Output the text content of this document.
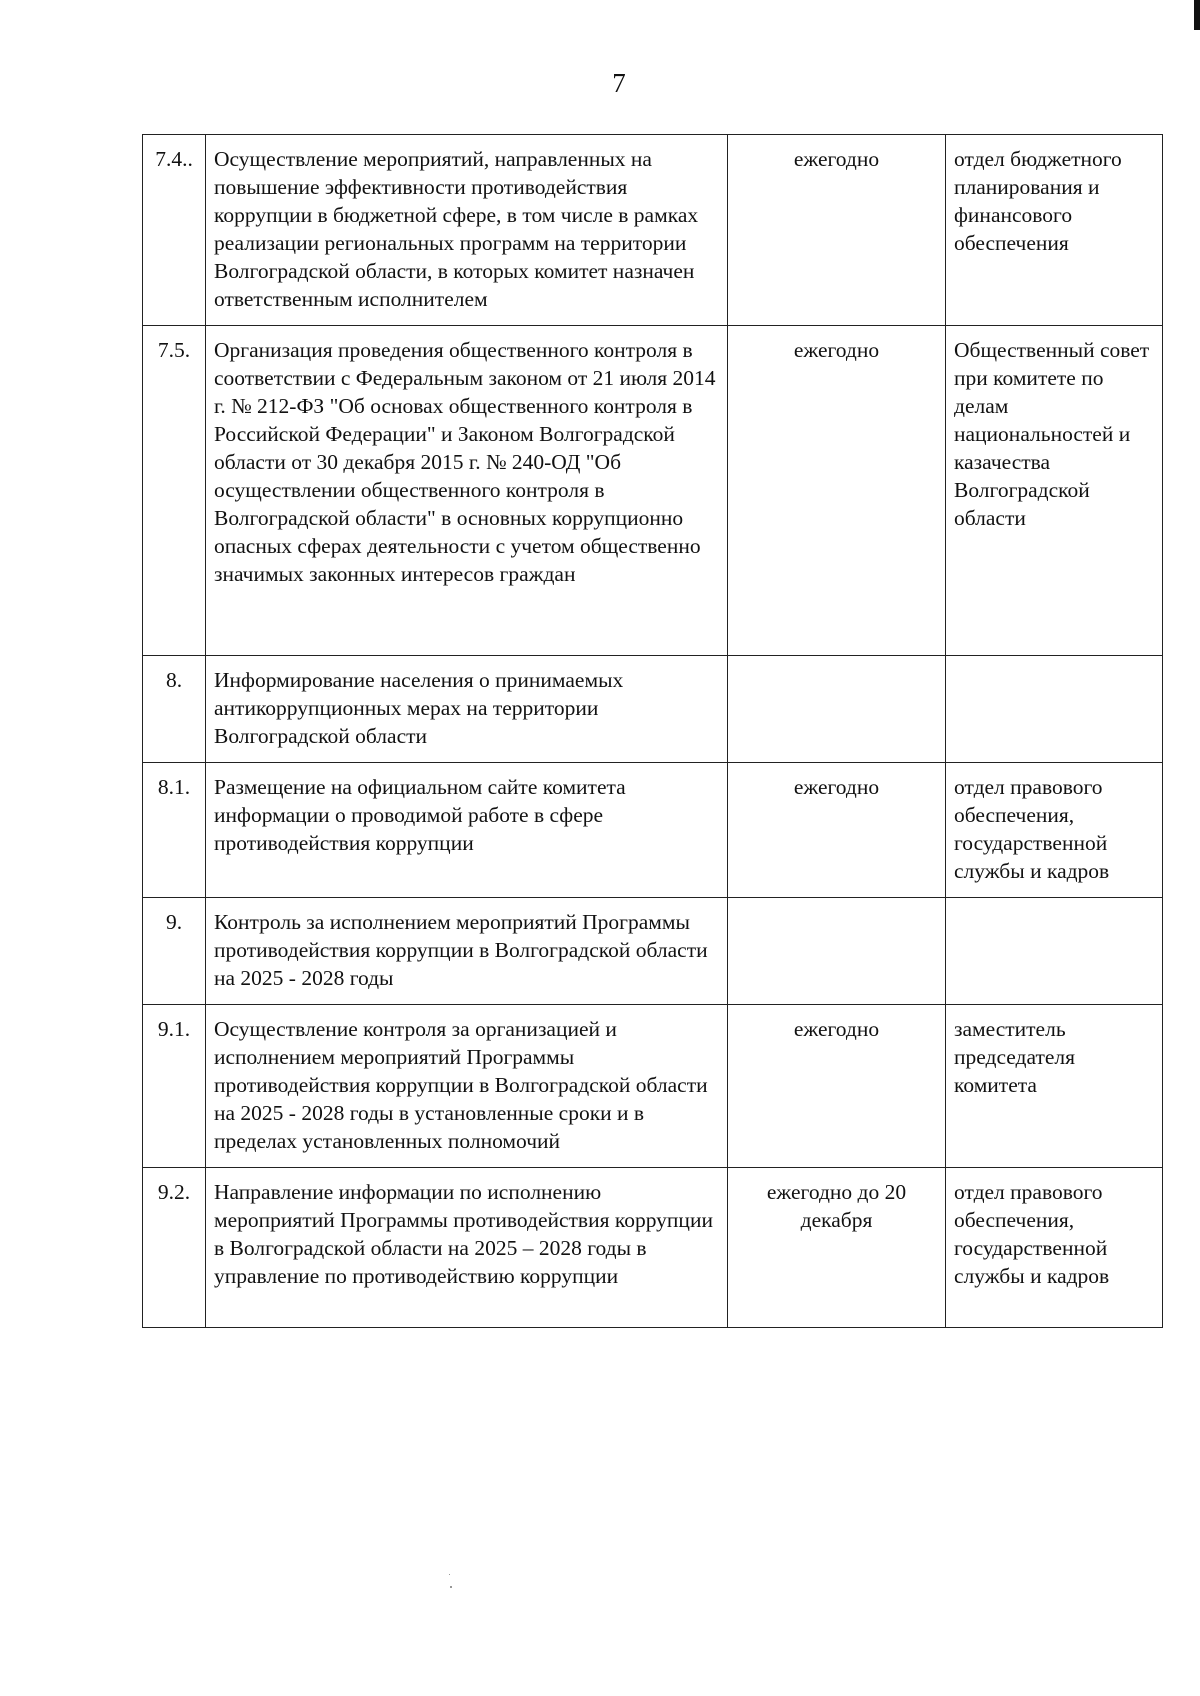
7
7.4..	Осуществление мероприятий, направленных на повышение эффективности противодействия коррупции в бюджетной сфере, в том числе в рамках реализации региональных программ на территории Волгоградской области, в которых комитет назначен ответственным исполнителем	ежегодно	отдел бюджетного планирования и финансового обеспечения
7.5.	Организация проведения общественного контроля в соответствии с Федеральным законом от 21 июля 2014 г. № 212-ФЗ "Об основах общественного контроля в Российской Федерации" и Законом Волгоградской области от 30 декабря 2015 г. № 240-ОД "Об осуществлении общественного контроля в Волгоградской области" в основных коррупционно опасных сферах деятельности с учетом общественно значимых законных интересов граждан	ежегодно	Общественный совет при комитете по делам национальностей и казачества Волгоградской области
8.	Информирование населения о принимаемых антикоррупционных мерах на территории Волгоградской области		
8.1.	Размещение на официальном сайте комитета информации о проводимой работе в сфере противодействия коррупции	ежегодно	отдел правового обеспечения, государственной службы и кадров
9.	Контроль за исполнением мероприятий Программы противодействия коррупции в Волгоградской области на 2025 - 2028 годы		
9.1.	Осуществление контроля за организацией и исполнением мероприятий Программы противодействия коррупции в Волгоградской области на 2025 - 2028 годы в установленные сроки и в пределах установленных полномочий	ежегодно	заместитель председателя комитета
9.2.	Направление информации по исполнению мероприятий Программы противодействия коррупции в Волгоградской области на 2025 – 2028 годы в управление по противодействию коррупции	ежегодно до 20 декабря	отдел правового обеспечения, государственной службы и кадров
